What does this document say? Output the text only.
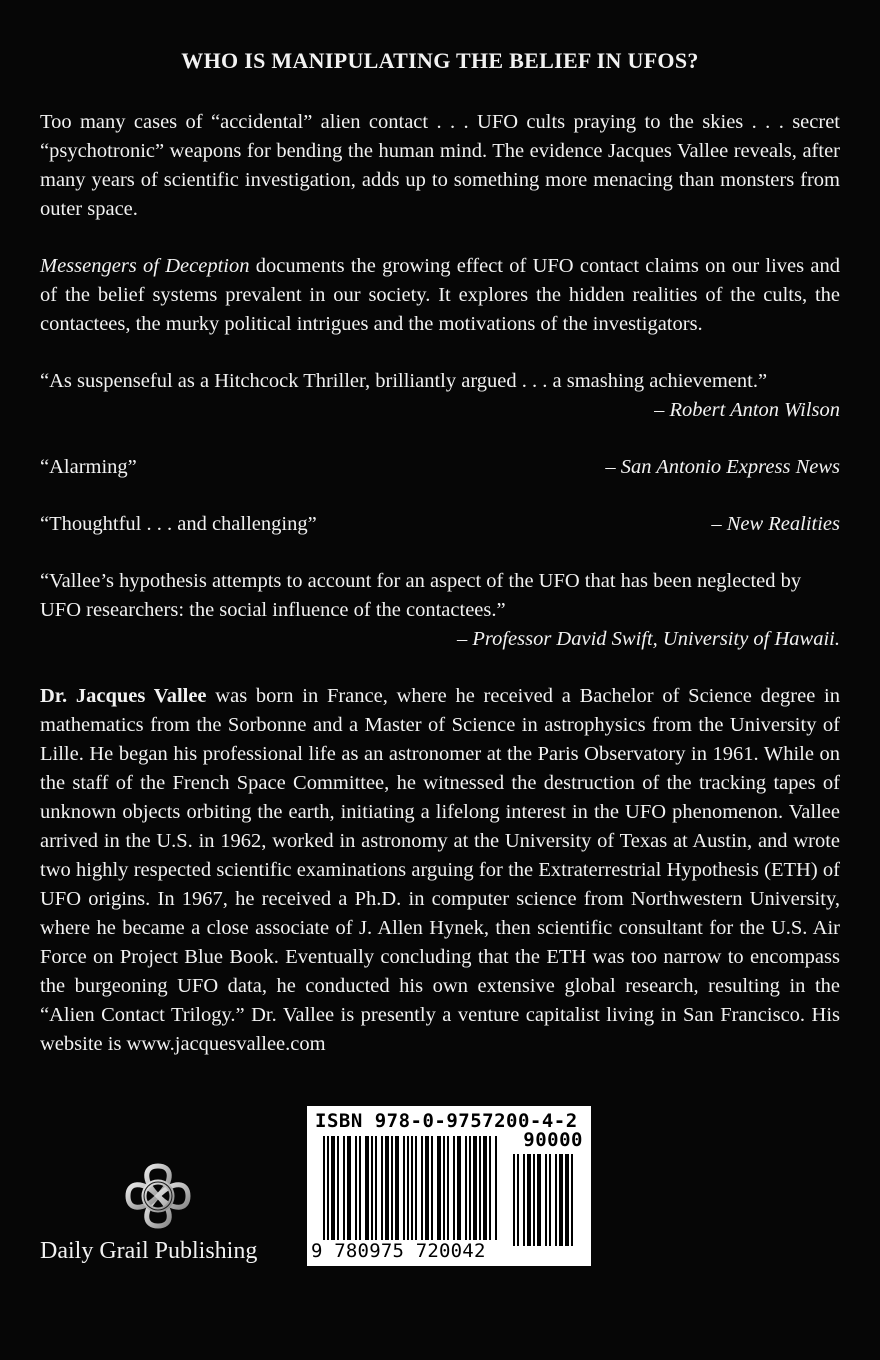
WHO IS MANIPULATING THE BELIEF IN UFOS?

Too many cases of “accidental” alien contact . . . UFO cults praying to the skies . . . secret “psychotronic” weapons for bending the human mind. The evidence Jacques Vallee reveals, after many years of scientific investigation, adds up to something more menacing than monsters from outer space.

Messengers of Deception documents the growing effect of UFO contact claims on our lives and of the belief systems prevalent in our society. It explores the hidden realities of the cults, the contactees, the murky political intrigues and the motivations of the investigators.

“As suspenseful as a Hitchcock Thriller, brilliantly argued . . . a smashing achievement.”
– Robert Anton Wilson
“Alarming”	– San Antonio Express News
“Thoughtful . . . and challenging”	– New Realities

“Vallee’s hypothesis attempts to account for an aspect of the UFO that has been neglected by UFO researchers: the social influence of the contactees.”

– Professor David Swift, University of Hawaii.

Dr. Jacques Vallee was born in France, where he received a Bachelor of Science degree in mathematics from the Sorbonne and a Master of Science in astrophysics from the University of Lille. He began his professional life as an astronomer at the Paris Observatory in 1961. While on the staff of the French Space Committee, he witnessed the destruction of the tracking tapes of unknown objects orbiting the earth, initiating a lifelong interest in the UFO phenomenon. Vallee arrived in the U.S. in 1962, worked in astronomy at the University of Texas at Austin, and wrote two highly respected scientific examinations arguing for the Extraterrestrial Hypothesis (ETH) of UFO origins. In 1967, he received a Ph.D. in computer science from Northwestern University, where he became a close associate of J. Allen Hynek, then scientific consultant for the U.S. Air Force on Project Blue Book. Eventually concluding that the ETH was too narrow to encompass the burgeoning UFO data, he conducted his own extensive global research, resulting in the “Alien Contact Trilogy.” Dr. Vallee is presently a venture capitalist living in San Francisco. His website is www.jacquesvallee.com

Daily Grail Publishing
ISBN 978-0-9757200-4-2
90000
9 780975 720042
